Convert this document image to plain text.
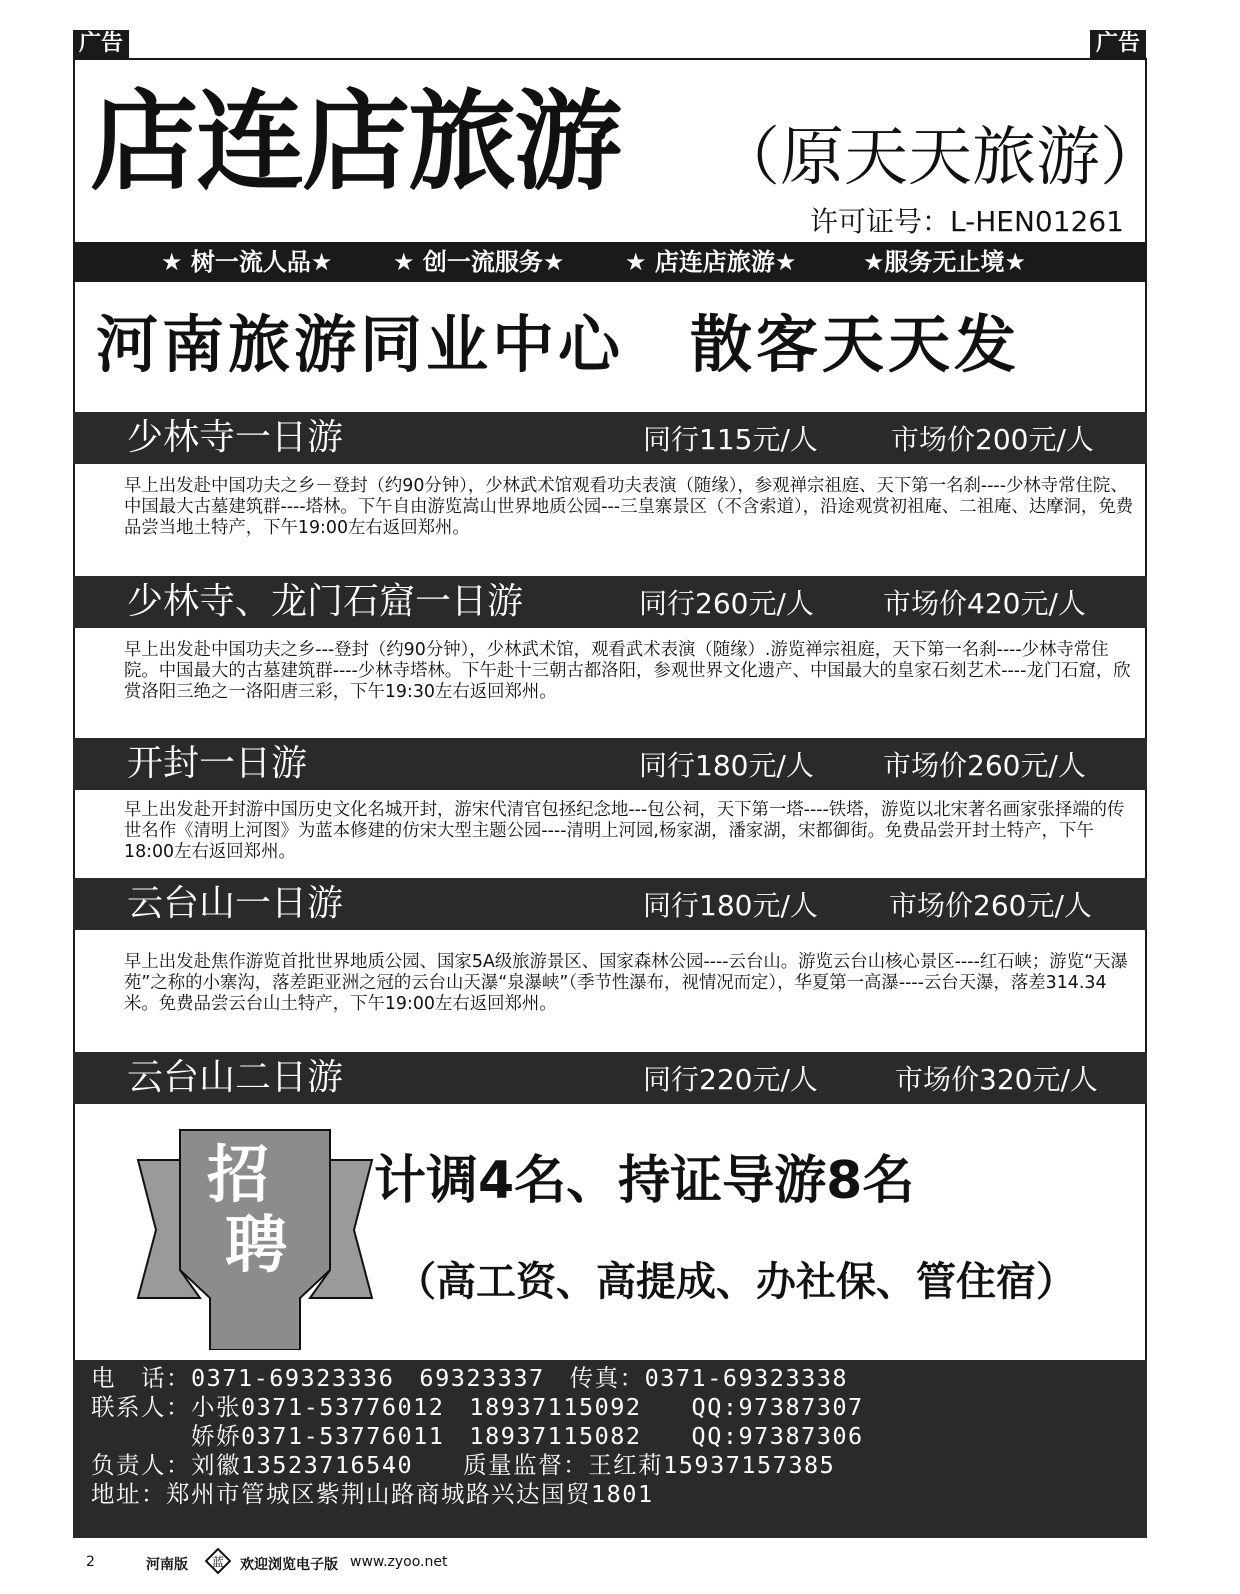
广告	广告
店连店旅游 （原天天旅游）
许可证号：L-HEN01261
★ 树一流人品★	★ 创一流服务★	★ 店连店旅游★	★服务无止境★
河南旅游同业中心　散客天天发
少林寺一日游	同行115元/人	市场价200元/人
早上出发赴中国功夫之乡－登封（约90分钟），少林武术馆观看功夫表演（随缘），参观禅宗祖庭、天下第一名刹----少林寺常住院、中国最大古墓建筑群----塔林。下午自由游览嵩山世界地质公园---三皇寨景区（不含索道），沿途观赏初祖庵、二祖庵、达摩洞，免费品尝当地土特产，下午19:00左右返回郑州。
少林寺、龙门石窟一日游	同行260元/人 市场价420元/人
早上出发赴中国功夫之乡---登封（约90分钟），少林武术馆，观看武术表演（随缘）.游览禅宗祖庭，天下第一名刹----少林寺常住院。中国最大的古墓建筑群----少林寺塔林。下午赴十三朝古都洛阳，参观世界文化遗产、中国最大的皇家石刻艺术----龙门石窟，欣赏洛阳三绝之一洛阳唐三彩，下午19:30左右返回郑州。
开封一日游	同行180元/人 市场价260元/人
早上出发赴开封游中国历史文化名城开封，游宋代清官包拯纪念地---包公祠，天下第一塔----铁塔，游览以北宋著名画家张择端的传世名作《清明上河图》为蓝本修建的仿宋大型主题公园----清明上河园,杨家湖，潘家湖，宋都御街。免费品尝开封土特产，下午18:00左右返回郑州。
云台山一日游	同行180元/人	市场价260元/人
早上出发赴焦作游览首批世界地质公园、国家5A级旅游景区、国家森林公园----云台山。游览云台山核心景区----红石峡；游览“天瀑苑”之称的小寨沟，落差距亚洲之冠的云台山天瀑“泉瀑峡”（季节性瀑布，视情况而定），华夏第一高瀑----云台天瀑，落差314.34米。免费品尝云台山土特产，下午19:00左右返回郑州。
云台山二日游	同行220元/人	市场价320元/人
招
聘
计调4名、持证导游8名
（高工资、高提成、办社保、管住宿）
电　话：0371-69323336　69323337　传真：0371-69323338
联系人：小张0371-53776012　18937115092　　QQ:97387307
　　　　娇娇0371-53776011　18937115082　　QQ:97387306
负责人：刘徽13523716540　　质量监督：王红莉15937157385
地址：郑州市管城区紫荆山路商城路兴达国贸1801
2	河南版 蓝 欢迎浏览电子版 www.zyoo.net
